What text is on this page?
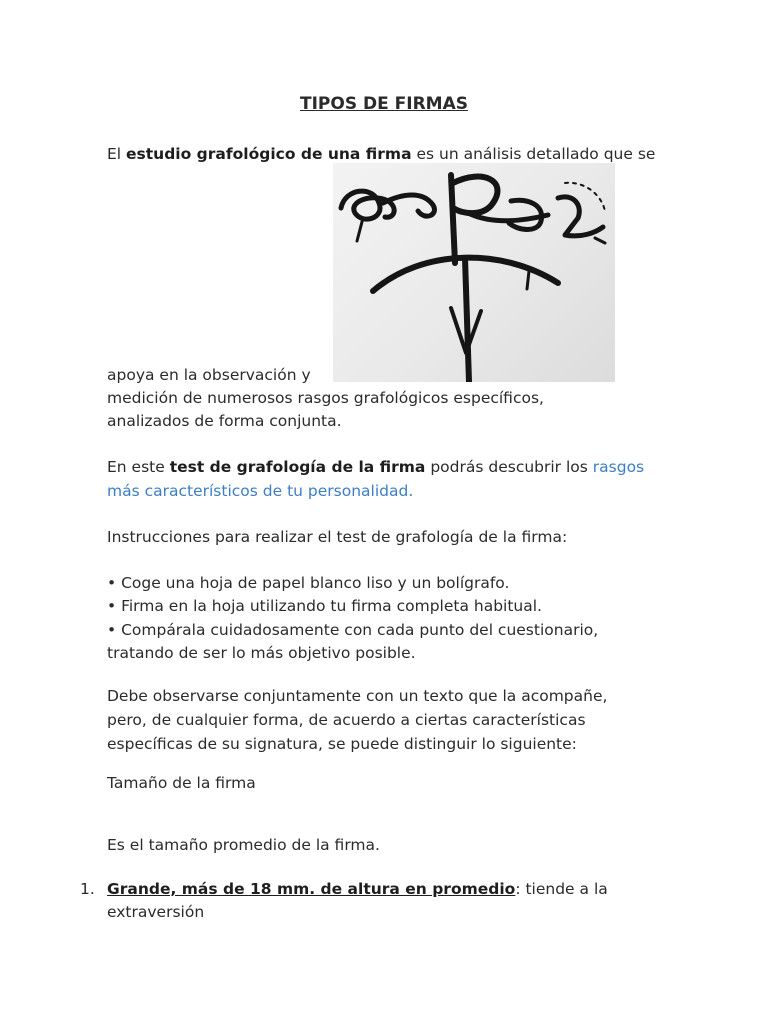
TIPOS DE FIRMAS
El estudio grafológico de una firma es un análisis detallado que se
apoya en la observación y
medición de numerosos rasgos grafológicos específicos,
analizados de forma conjunta.
En este test de grafología de la firma podrás descubrir los rasgos
más característicos de tu personalidad.
Instrucciones para realizar el test de grafología de la firma:
• Coge una hoja de papel blanco liso y un bolígrafo.
• Firma en la hoja utilizando tu firma completa habitual.
• Compárala cuidadosamente con cada punto del cuestionario,
tratando de ser lo más objetivo posible.
Debe observarse conjuntamente con un texto que la acompañe,
pero, de cualquier forma, de acuerdo a ciertas características
específicas de su signatura, se puede distinguir lo siguiente:
Tamaño de la firma
Es el tamaño promedio de la firma.
1. Grande, más de 18 mm. de altura en promedio: tiende a la
extraversión
